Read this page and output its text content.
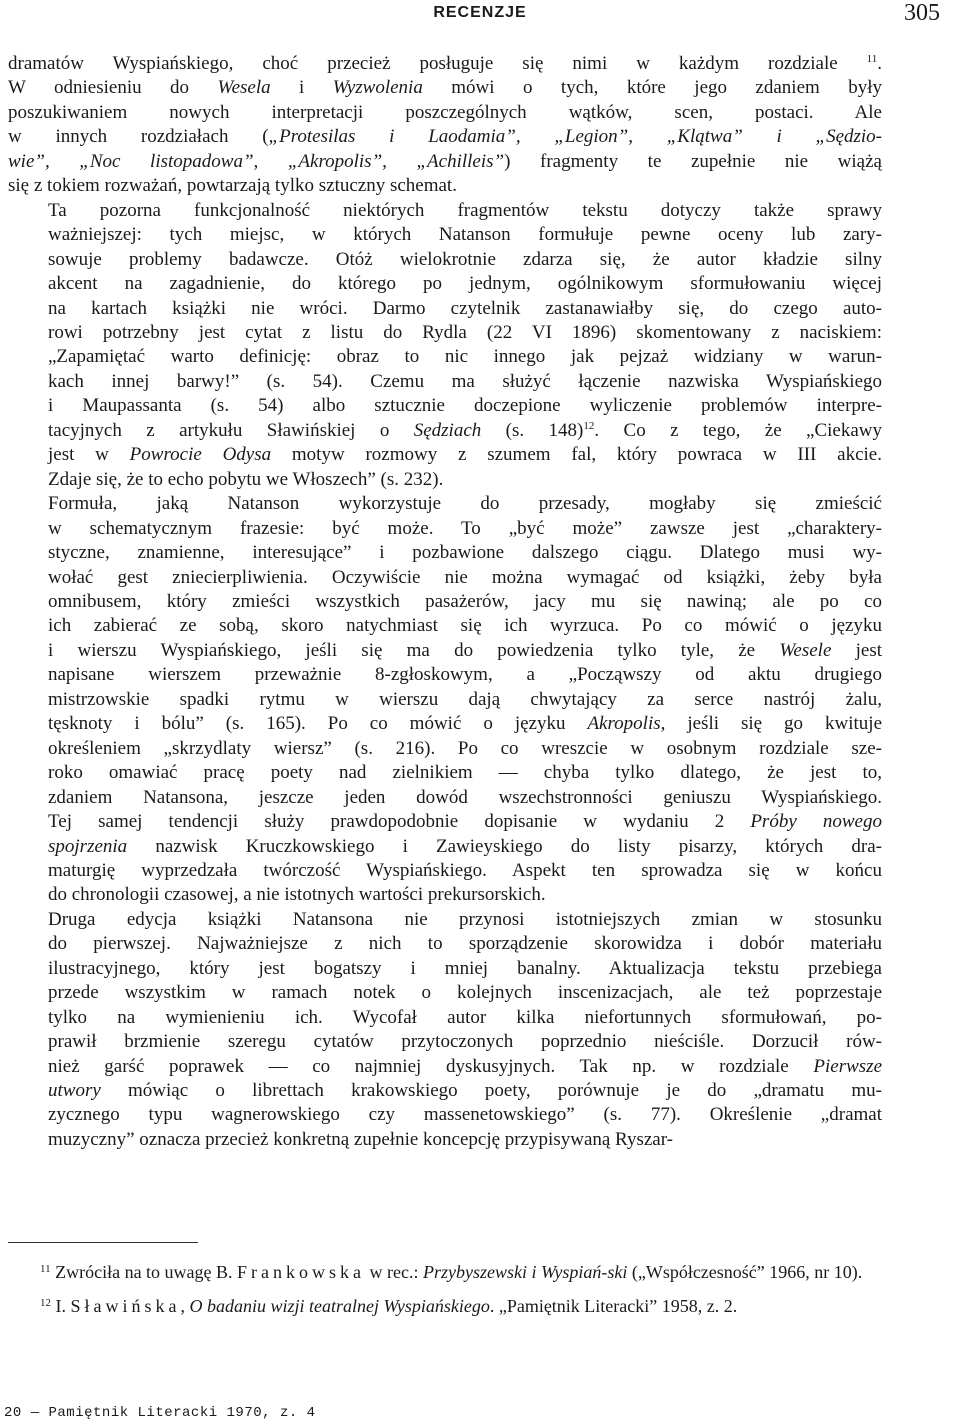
RECENZJE	305

dramatów Wyspiańskiego, choć przecież posługuje się nimi w każdym rozdziale $^{11}$.
W odniesieniu do Wesela i Wyzwolenia mówi o tych, które jego zdaniem były
poszukiwaniem nowych interpretacji poszczególnych wątków, scen, postaci. Ale
w innych rozdziałach („Protesilas i Laodamia”, „Legion”, „Klątwa” i „Sędzio-
wie”, „Noc listopadowa”, „Akropolis”, „Achilleis”) fragmenty te zupełnie nie wiążą
się z tokiem rozważań, powtarzają tylko sztuczny schemat.

Ta pozorna funkcjonalność niektórych fragmentów tekstu dotyczy także sprawy
ważniejszej: tych miejsc, w których Natanson formułuje pewne oceny lub zary-
sowuje problemy badawcze. Otóż wielokrotnie zdarza się, że autor kładzie silny
akcent na zagadnienie, do którego po jednym, ogólnikowym sformułowaniu więcej
na kartach książki nie wróci. Darmo czytelnik zastanawiałby się, do czego auto-
rowi potrzebny jest cytat z listu do Rydla (22 VI 1896) skomentowany z naciskiem:
„Zapamiętać warto definicję: obraz to nic innego jak pejzaż widziany w warun-
kach innej barwy!” (s. 54). Czemu ma służyć łączenie nazwiska Wyspiańskiego
i Maupassanta (s. 54) albo sztucznie doczepione wyliczenie problemów interpre-
tacyjnych z artykułu Sławińskiej o Sędziach (s. 148)$^{12}$. Co z tego, że „Ciekawy
jest w Powrocie Odysa motyw rozmowy z szumem fal, który powraca w III akcie.
Zdaje się, że to echo pobytu we Włoszech” (s. 232).

Formuła, jaką Natanson wykorzystuje do przesady, mogłaby się zmieścić
w schematycznym frazesie: być może. To „być może” zawsze jest „charaktery-
styczne, znamienne, interesujące” i pozbawione dalszego ciągu. Dlatego musi wy-
wołać gest zniecierpliwienia. Oczywiście nie można wymagać od książki, żeby była
omnibusem, który zmieści wszystkich pasażerów, jacy mu się nawiną; ale po co
ich zabierać ze sobą, skoro natychmiast się ich wyrzuca. Po co mówić o języku
i wierszu Wyspiańskiego, jeśli się ma do powiedzenia tylko tyle, że Wesele jest
napisane wierszem przeważnie 8-zgłoskowym, a „Począwszy od aktu drugiego
mistrzowskie spadki rytmu w wierszu dają chwytający za serce nastrój żalu,
tęsknoty i bólu” (s. 165). Po co mówić o języku Akropolis, jeśli się go kwituje
określeniem „skrzydlaty wiersz” (s. 216). Po co wreszcie w osobnym rozdziale sze-
roko omawiać pracę poety nad zielnikiem — chyba tylko dlatego, że jest to,
zdaniem Natansona, jeszcze jeden dowód wszechstronności geniuszu Wyspiańskiego.
Tej samej tendencji służy prawdopodobnie dopisanie w wydaniu 2 Próby nowego
spojrzenia nazwisk Kruczkowskiego i Zawieyskiego do listy pisarzy, których dra-
maturgię wyprzedzała twórczość Wyspiańskiego. Aspekt ten sprowadza się w końcu
do chronologii czasowej, a nie istotnych wartości prekursorskich.

Druga edycja książki Natansona nie przynosi istotniejszych zmian w stosunku
do pierwszej. Najważniejsze z nich to sporządzenie skorowidza i dobór materiału
ilustracyjnego, który jest bogatszy i mniej banalny. Aktualizacja tekstu przebiega
przede wszystkim w ramach notek o kolejnych inscenizacjach, ale też poprzestaje
tylko na wymienieniu ich. Wycofał autor kilka niefortunnych sformułowań, po-
prawił brzmienie szeregu cytatów przytoczonych poprzednio nieściśle. Dorzucił rów-
nież garść poprawek — co najmniej dyskusyjnych. Tak np. w rozdziale Pierwsze
utwory mówiąc o librettach krakowskiego poety, porównuje je do „dramatu mu-
zycznego typu wagnerowskiego czy massenetowskiego” (s. 77). Określenie „dramat
muzyczny” oznacza przecież konkretną zupełnie koncepcję przypisywaną Ryszar-

$^{11}$ Zwróciła na to uwagę B. Frankowska w rec.: Przybyszewski i Wyspiań-ski („Współczesność” 1966, nr 10).

$^{12}$ I. Sławińska, O badaniu wizji teatralnej Wyspiańskiego. „Pamiętnik Literacki” 1958, z. 2.

20 — Pamiętnik Literacki 1970, z. 4
